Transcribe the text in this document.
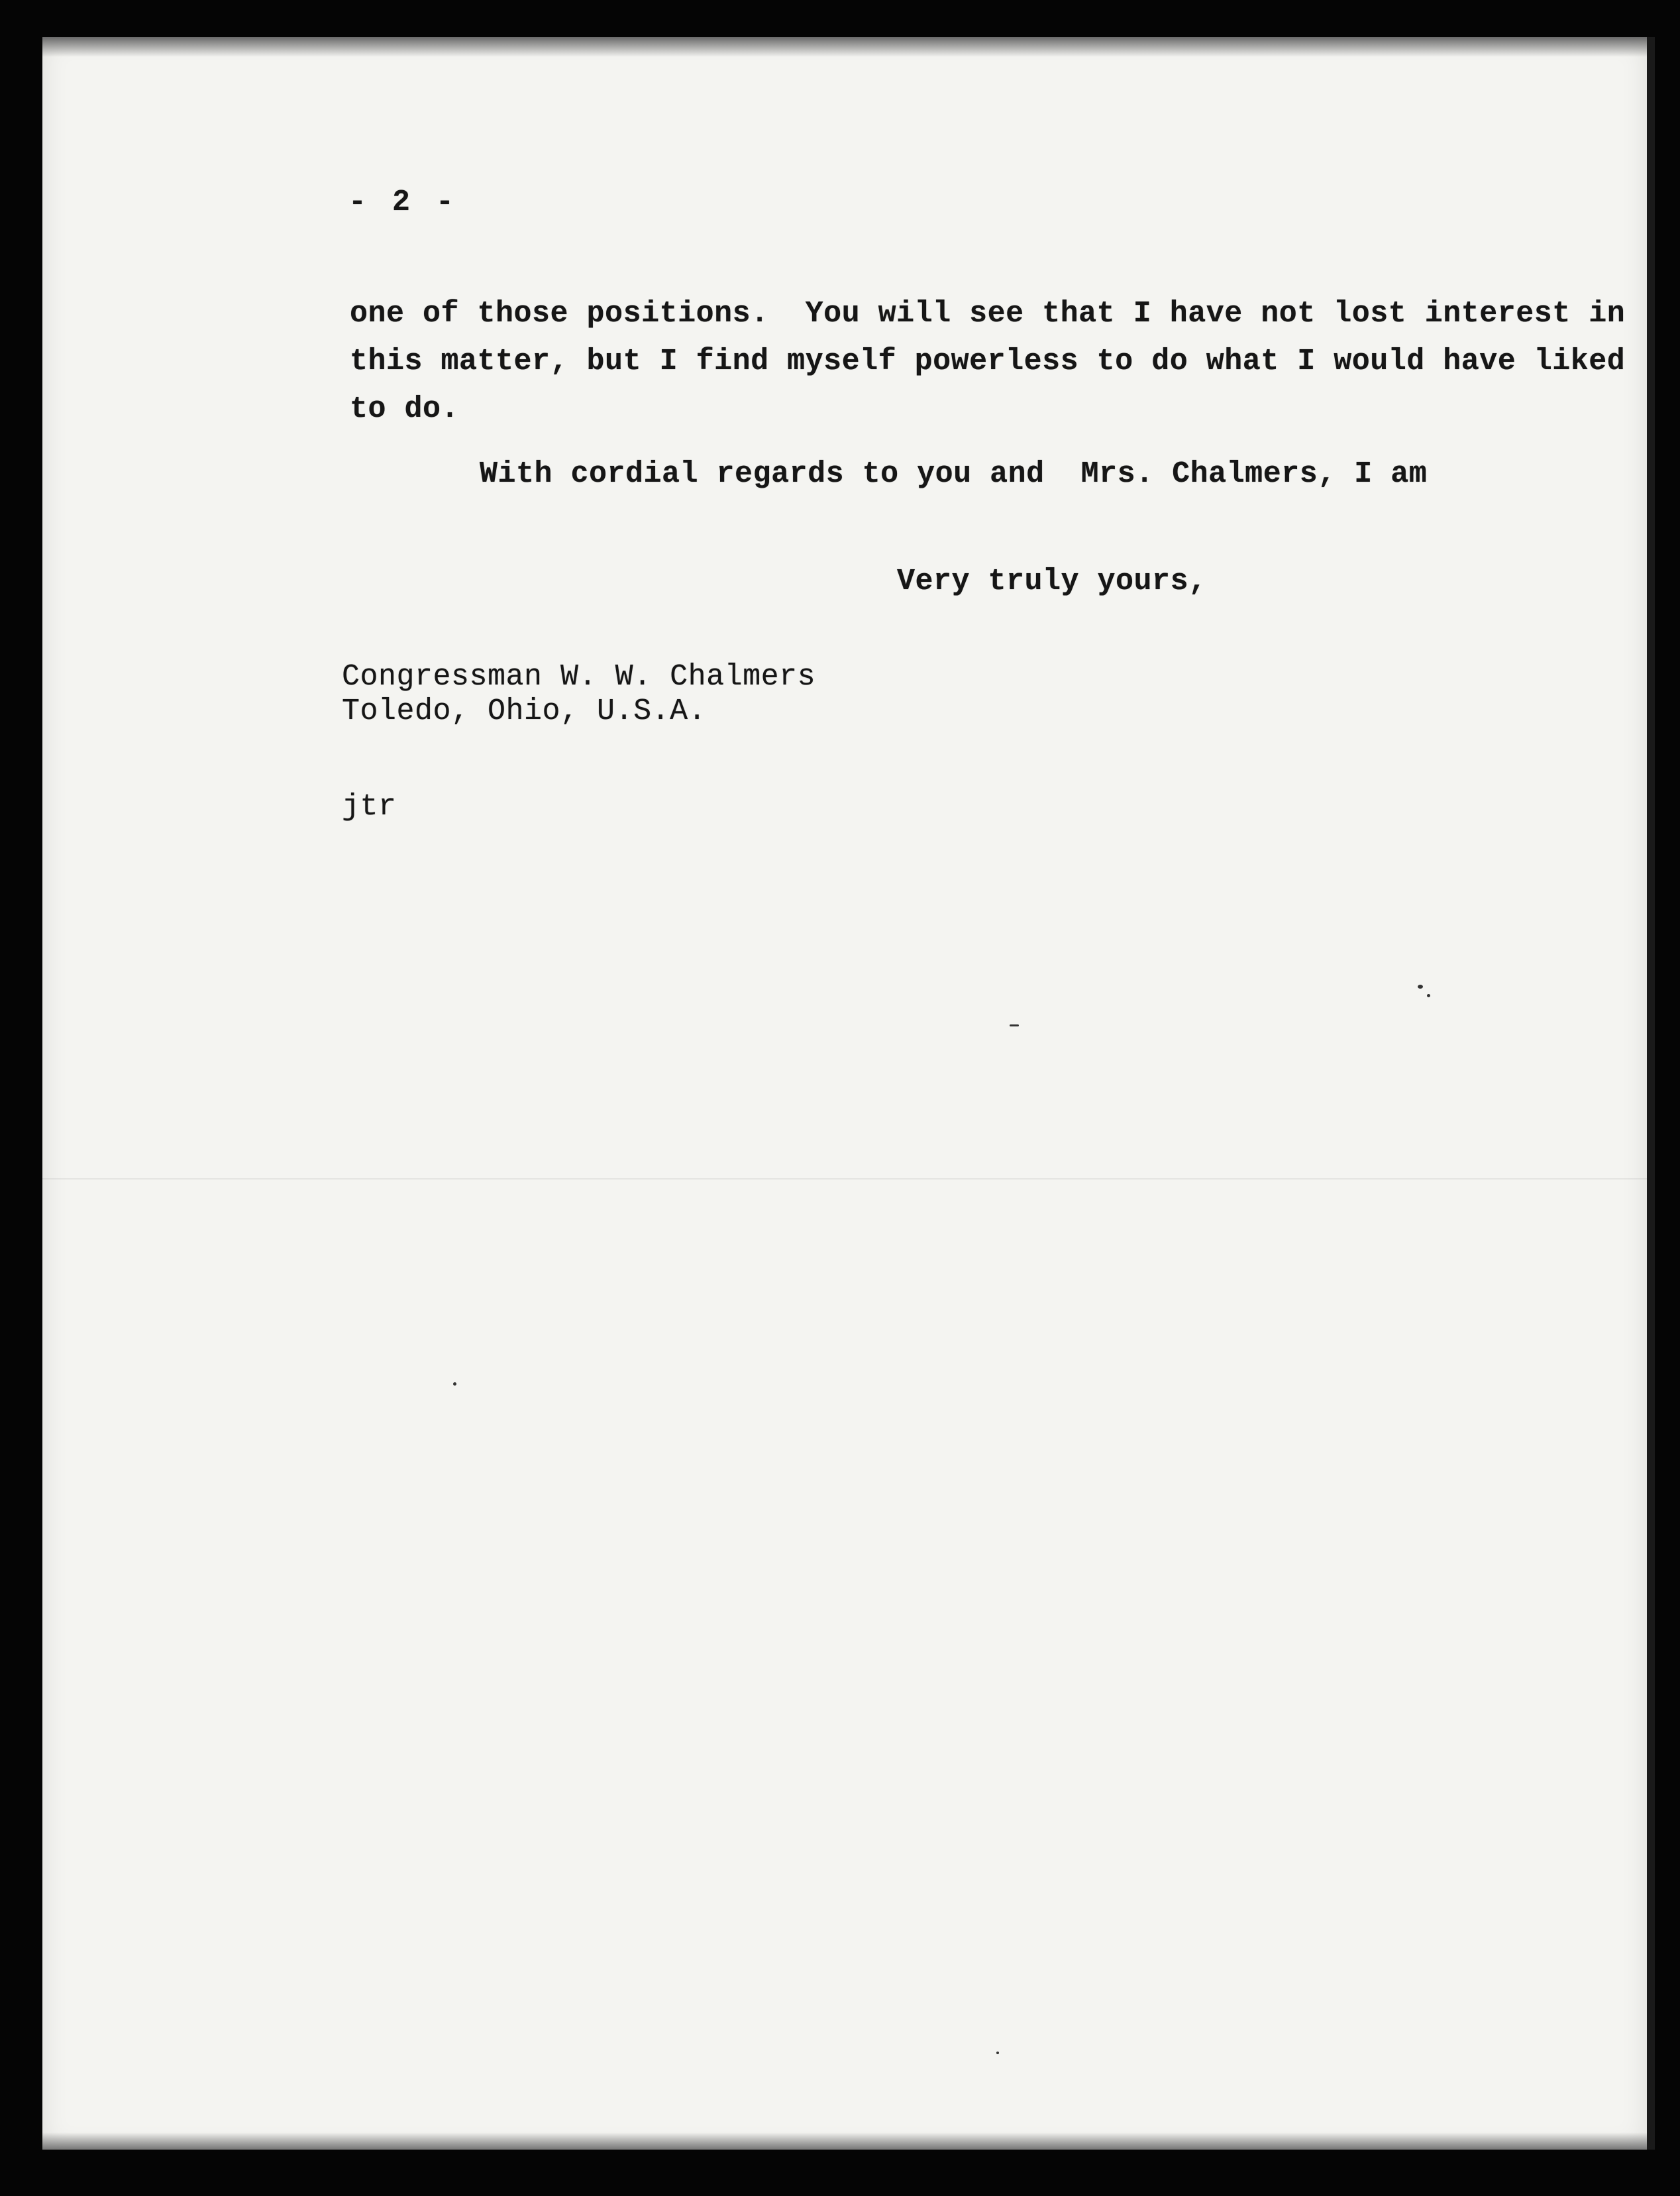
- 2 -

one of those positions.  You will see that I have not lost interest in

this matter, but I find myself powerless to do what I would have liked

to do.

With cordial regards to you and  Mrs. Chalmers, I am

Very truly yours,

Congressman W. W. Chalmers

Toledo, Ohio, U.S.A.

jtr
